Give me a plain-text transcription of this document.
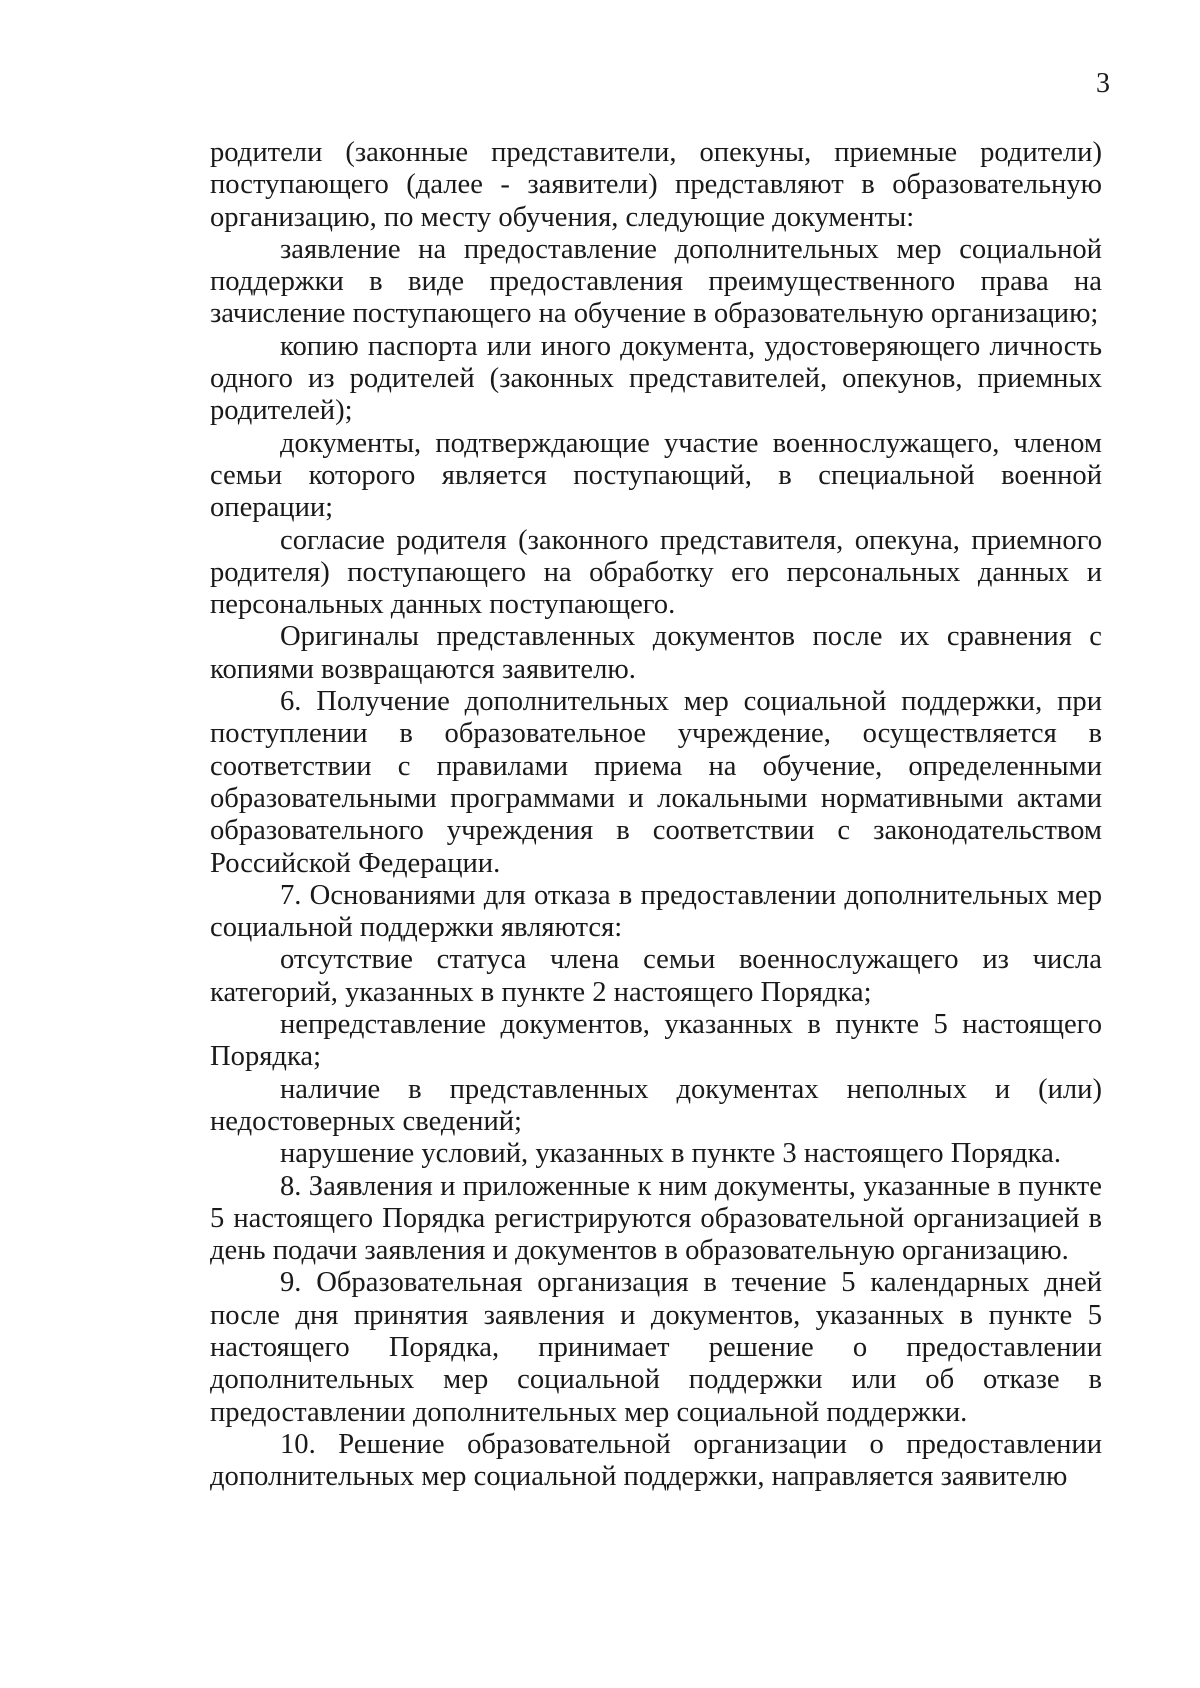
3

родители (законные представители, опекуны, приемные родители) поступающего (далее - заявители) представляют в образовательную организацию, по месту обучения, следующие документы:

заявление на предоставление дополнительных мер социальной поддержки в виде предоставления преимущественного права на зачисление поступающего на обучение в образовательную организацию;

копию паспорта или иного документа, удостоверяющего личность одного из родителей (законных представителей, опекунов, приемных родителей);

документы, подтверждающие участие военнослужащего, членом семьи которого является поступающий, в специальной военной операции;

согласие родителя (законного представителя, опекуна, приемного родителя) поступающего на обработку его персональных данных и персональных данных поступающего.

Оригиналы представленных документов после их сравнения с копиями возвращаются заявителю.

6. Получение дополнительных мер социальной поддержки, при поступлении в образовательное учреждение, осуществляется в соответствии с правилами приема на обучение, определенными образовательными программами и локальными нормативными актами образовательного учреждения в соответствии с законодательством Российской Федерации.

7. Основаниями для отказа в предоставлении дополнительных мер социальной поддержки являются:

отсутствие статуса члена семьи военнослужащего из числа категорий, указанных в пункте 2 настоящего Порядка;

непредставление документов, указанных в пункте 5 настоящего Порядка;

наличие в представленных документах неполных и (или) недостоверных сведений;

нарушение условий, указанных в пункте 3 настоящего Порядка.

8. Заявления и приложенные к ним документы, указанные в пункте 5 настоящего Порядка регистрируются образовательной организацией в день подачи заявления и документов в образовательную организацию.

9. Образовательная организация в течение 5 календарных дней после дня принятия заявления и документов, указанных в пункте 5 настоящего Порядка, принимает решение о предоставлении дополнительных мер социальной поддержки или об отказе в предоставлении дополнительных мер социальной поддержки.

10. Решение образовательной организации о предоставлении дополнительных мер социальной поддержки, направляется заявителю
